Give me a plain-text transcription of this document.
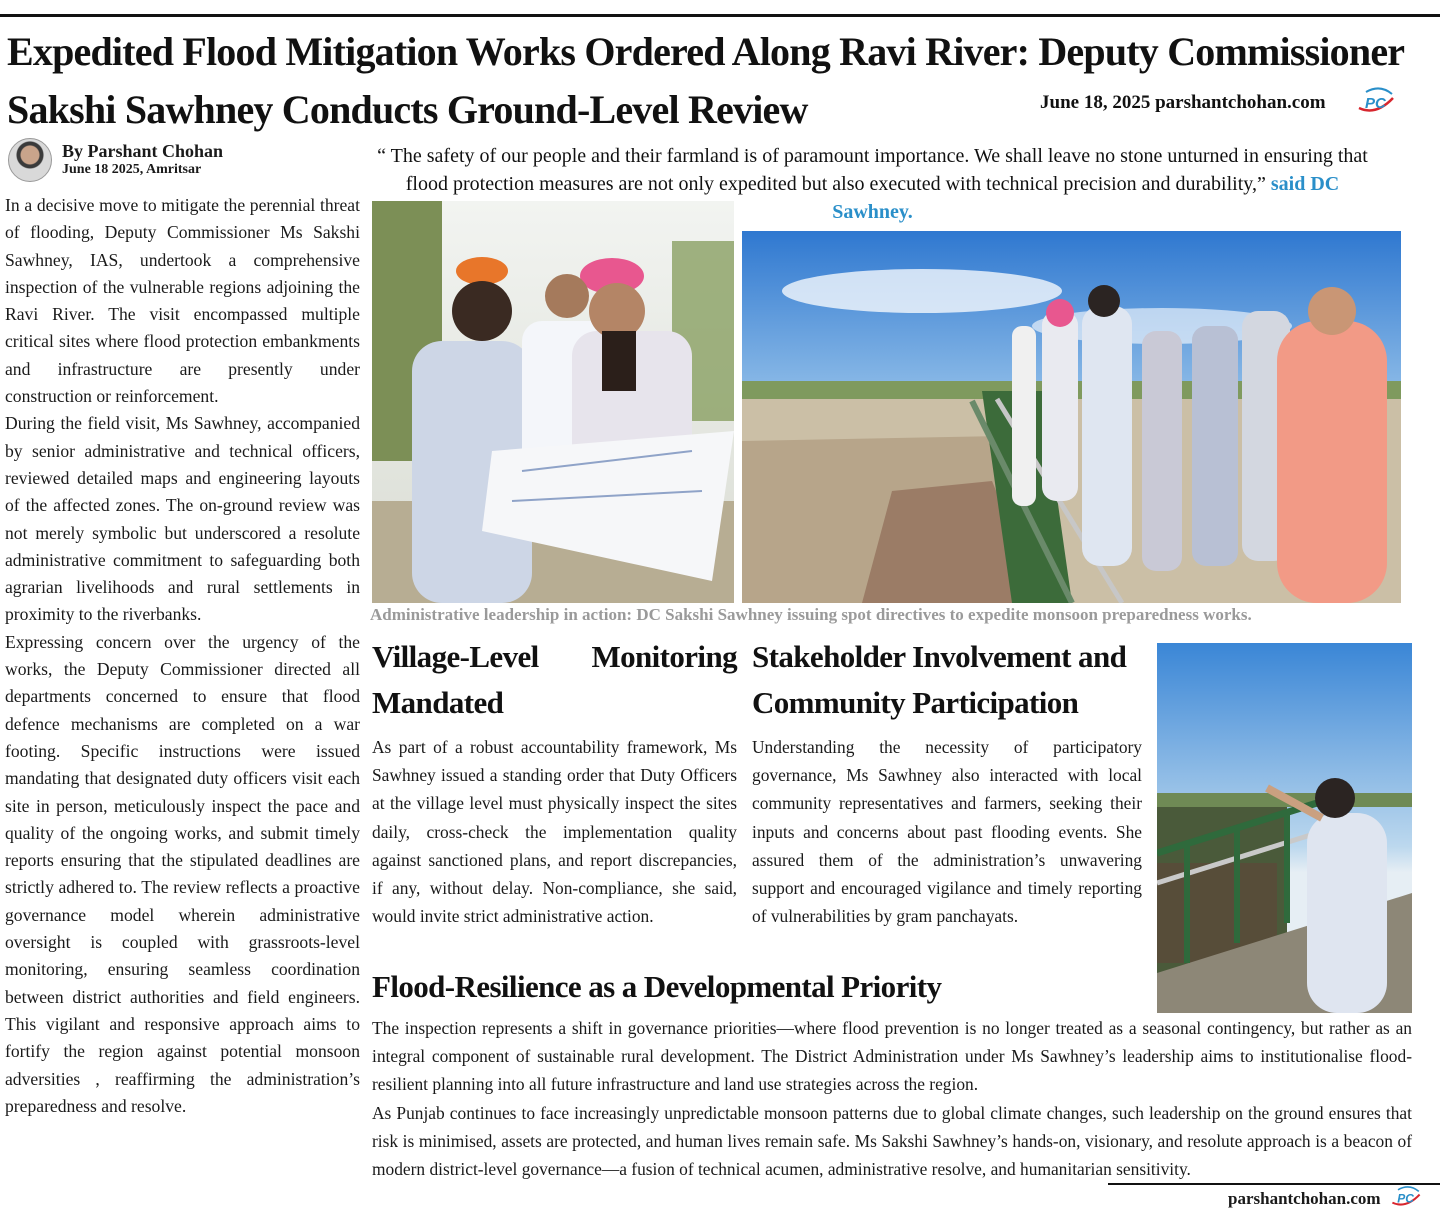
Expedited Flood Mitigation Works Ordered Along Ravi River: Deputy Commissioner
Sakshi Sawhney Conducts Ground-Level Review	June 18, 2025 parshantchohan.com	PC
By Parshant Chohan
June 18 2025, Amritsar

In a decisive move to mitigate the perennial threat of flooding, Deputy Commissioner Ms Sakshi Sawhney, IAS, undertook a comprehensive inspection of the vulnerable regions adjoining the Ravi River. The visit encompassed multiple critical sites where flood protection embankments and infrastructure are presently under construction or reinforcement.

During the field visit, Ms Sawhney, accompanied by senior administrative and technical officers, reviewed detailed maps and engineering layouts of the affected zones. The on-ground review was not merely symbolic but underscored a resolute administrative commitment to safeguarding both agrarian livelihoods and rural settlements in proximity to the riverbanks.

Expressing concern over the urgency of the works, the Deputy Commissioner directed all departments concerned to ensure that flood defence mechanisms are completed on a war footing. Specific instructions were issued mandating that designated duty officers visit each site in person, meticulously inspect the pace and quality of the ongoing works, and submit timely reports ensuring that the stipulated deadlines are strictly adhered to. The review reflects a proactive governance model wherein administrative oversight is coupled with grassroots-level monitoring, ensuring seamless coordination between district authorities and field engineers. This vigilant and responsive approach aims to fortify the region against potential monsoon adversities , reaffirming the administration’s preparedness and resolve.

“ The safety of our people and their farmland is of paramount importance. We shall leave no stone unturned in ensuring that flood protection measures are not only expedited but also executed with technical precision and durability,” said DC Sawhney.
Administrative leadership in action: DC Sakshi Sawhney issuing spot directives to expedite monsoon preparedness works.
Village-Level Monitoring Mandated
As part of a robust accountability framework, Ms Sawhney issued a standing order that Duty Officers at the village level must physically inspect the sites daily, cross-check the implementation quality against sanctioned plans, and report discrepancies, if any, without delay. Non-compliance, she said, would invite strict administrative action.
Stakeholder Involvement and Community Participation
Understanding the necessity of participatory governance, Ms Sawhney also interacted with local community representatives and farmers, seeking their inputs and concerns about past flooding events. She assured them of the administration’s unwavering support and encouraged vigilance and timely reporting of vulnerabilities by gram panchayats.
Flood-Resilience as a Developmental Priority

The inspection represents a shift in governance priorities—where flood prevention is no longer treated as a seasonal contingency, but rather as an integral component of sustainable rural development. The District Administration under Ms Sawhney’s leadership aims to institutionalise flood-resilient planning into all future infrastructure and land use strategies across the region.

As Punjab continues to face increasingly unpredictable monsoon patterns due to global climate changes, such leadership on the ground ensures that risk is minimised, assets are protected, and human lives remain safe. Ms Sakshi Sawhney’s hands-on, visionary, and resolute approach is a beacon of modern district-level governance—a fusion of technical acumen, administrative resolve, and humanitarian sensitivity.

parshantchohan.com PC
